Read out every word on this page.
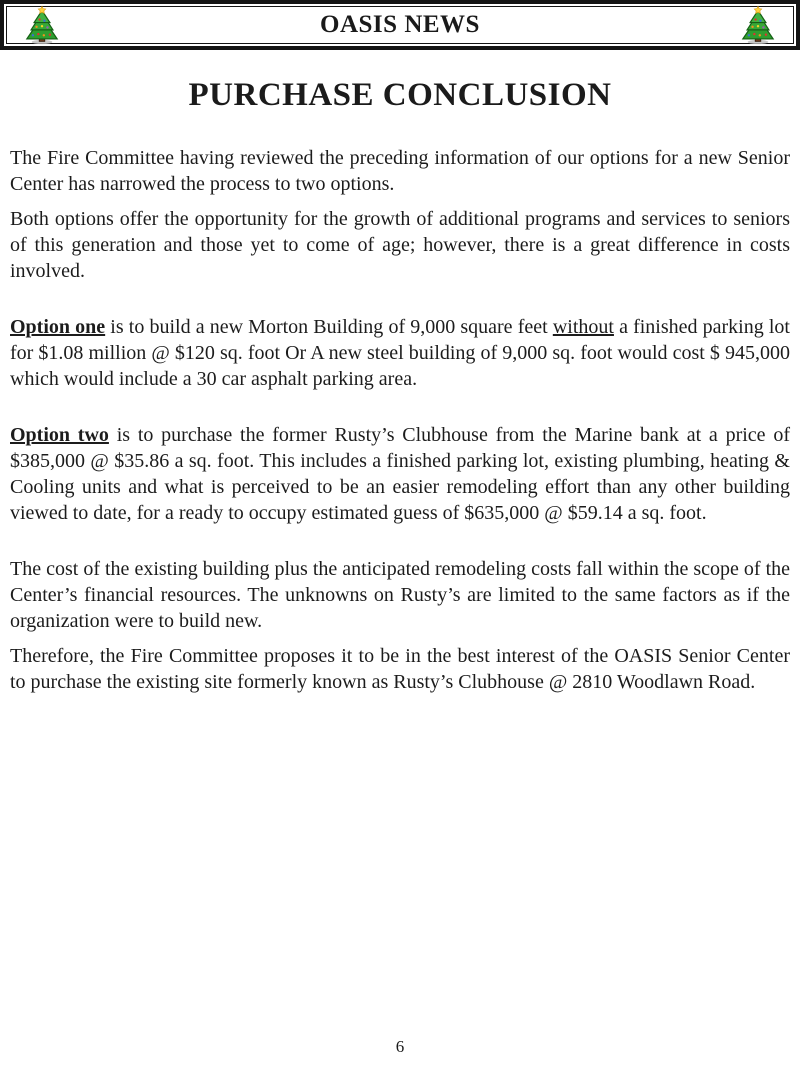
OASIS NEWS
PURCHASE CONCLUSION

The Fire Committee having reviewed the preceding information of our options for a new Senior Center has narrowed the process to two options.

Both options offer the opportunity for the growth of additional programs and services to seniors of this generation and those yet to come of age; however, there is a great difference in costs involved.

Option one is to build a new Morton Building of 9,000 square feet without a finished parking lot for $1.08 million @ $120 sq. foot Or A new steel building of 9,000 sq. foot would cost $ 945,000 which would include a 30 car asphalt parking area.

Option two is to purchase the former Rusty’s Clubhouse from the Marine bank at a price of $385,000 @ $35.86 a sq. foot. This includes a finished parking lot, existing plumbing, heating & Cooling units and what is perceived to be an easier remodeling effort than any other building viewed to date, for a ready to occupy estimated guess of $635,000 @ $59.14 a sq. foot.

The cost of the existing building plus the anticipated remodeling costs fall within the scope of the Center’s financial resources. The unknowns on Rusty’s are limited to the same factors as if the organization were to build new.

Therefore, the Fire Committee proposes it to be in the best interest of the OASIS Senior Center to purchase the existing site formerly known as Rusty’s Clubhouse @ 2810 Woodlawn Road.

6
